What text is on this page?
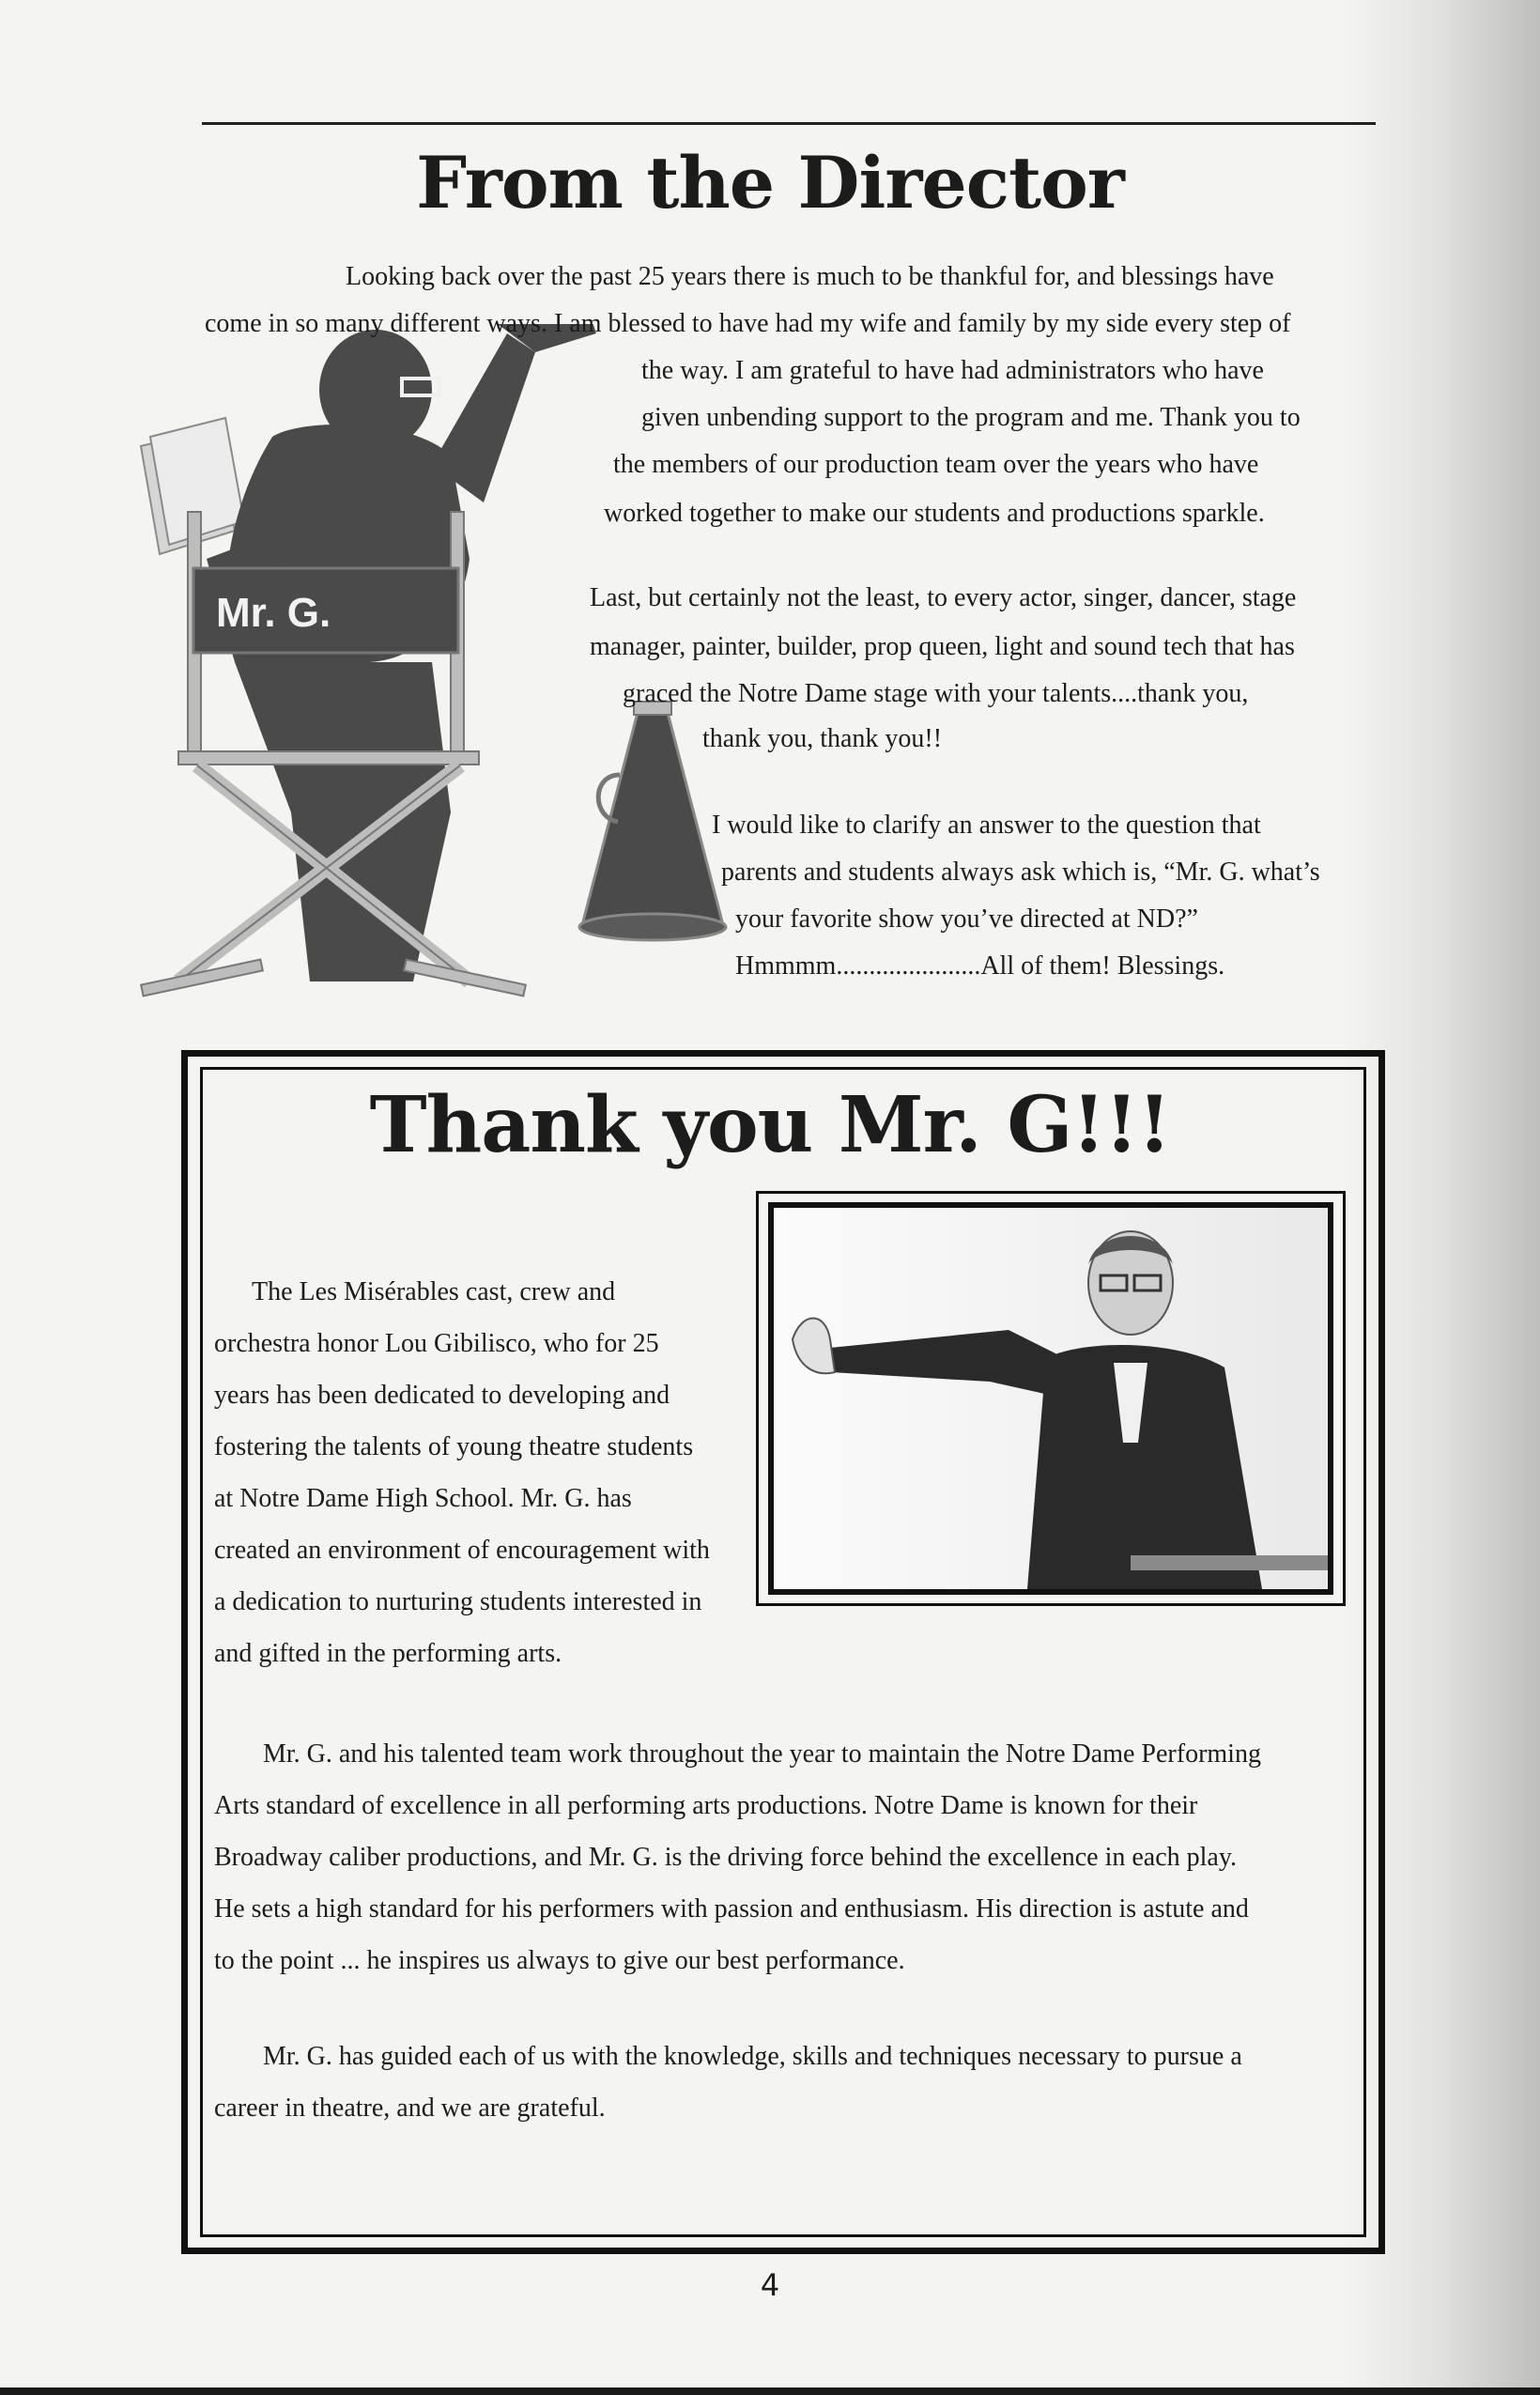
From the Director
Mr. G.

Looking back over the past 25 years there is much to be thankful for, and blessings have

come in so many different ways. I am blessed to have had my wife and family by my side every step of

the way. I am grateful to have had administrators who have

given unbending support to the program and me. Thank you to

the members of our production team over the years who have

worked together to make our students and productions sparkle.

Last, but certainly not the least, to every actor, singer, dancer, stage

manager, painter, builder, prop queen, light and sound tech that has

graced the Notre Dame stage with your talents....thank you,

thank you, thank you!!

I would like to clarify an answer to the question that

parents and students always ask which is, “Mr. G. what’s

your favorite show you’ve directed at ND?”

Hmmmm......................All of them! Blessings.

Thank you Mr. G!!!
The Les Misérables cast, crew and
orchestra honor Lou Gibilisco, who for 25
years has been dedicated to developing and
fostering the talents of young theatre students
at Notre Dame High School. Mr. G. has
created an environment of encouragement with
a dedication to nurturing students interested in
and gifted in the performing arts.
Mr. G. and his talented team work throughout the year to maintain the Notre Dame Performing
Arts standard of excellence in all performing arts productions. Notre Dame is known for their
Broadway caliber productions, and Mr. G. is the driving force behind the excellence in each play.
He sets a high standard for his performers with passion and enthusiasm. His direction is astute and
to the point ... he inspires us always to give our best performance.
Mr. G. has guided each of us with the knowledge, skills and techniques necessary to pursue a
career in theatre, and we are grateful.

4
